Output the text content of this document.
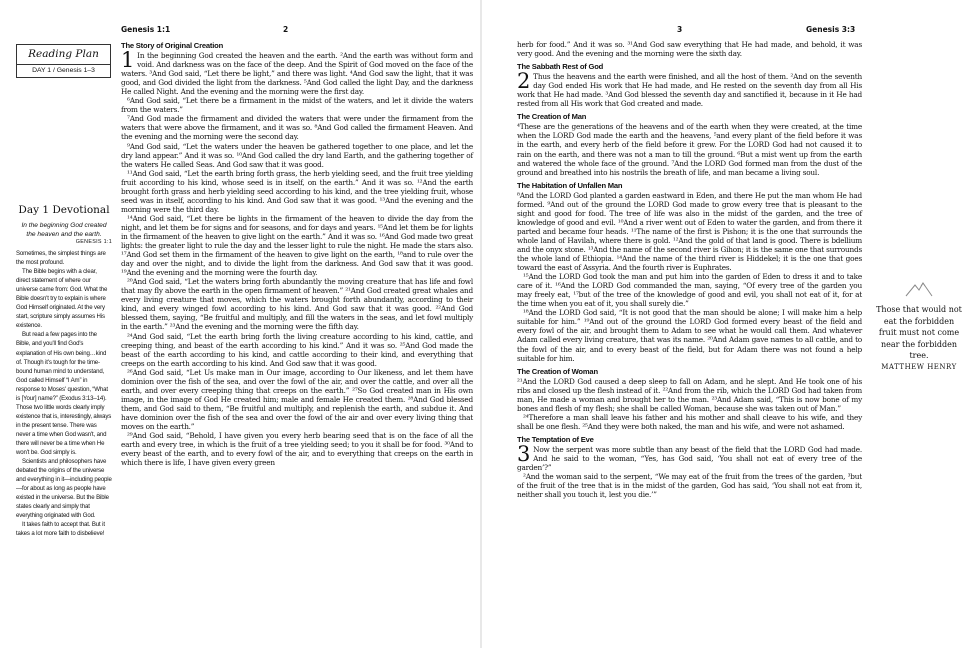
Genesis 1:1	2
Reading Plan
DAY 1 / Genesis 1–3
Day 1 Devotional
In the beginning God created the heaven and the earth.
GENESIS 1:1

Sometimes, the simplest things are the most profound.

The Bible begins with a clear, direct statement of where our universe came from: God. What the Bible doesn't try to explain is where God Himself originated. At the very start, scripture simply assumes His existence.

But read a few pages into the Bible, and you'll find God's explanation of His own being…kind of. Though it's tough for the time-bound human mind to understand, God called Himself “I Am” in response to Moses' question, “What is [Your] name?” (Exodus 3:13–14). Those two little words clearly imply existence that is, interestingly, always in the present tense. There was never a time when God wasn't, and there will never be a time when He won't be. God simply is.

Scientists and philosophers have debated the origins of the universe and everything in it—including people—for about as long as people have existed in the universe. But the Bible states clearly and simply that everything originated with God.

It takes faith to accept that. But it takes a lot more faith to disbelieve!

The Story of Original Creation

1 In the beginning God created the heaven and the earth. ²And the earth was without form and void. And darkness was on the face of the deep. And the Spirit of God moved on the face of the waters. ³And God said, “Let there be light,” and there was light. ⁴And God saw the light, that it was good, and God divided the light from the darkness. ⁵And God called the light Day, and the darkness He called Night. And the evening and the morning were the first day.

⁶And God said, “Let there be a firmament in the midst of the waters, and let it divide the waters from the waters.”

⁷And God made the firmament and divided the waters that were under the firmament from the waters that were above the firmament, and it was so. ⁸And God called the firmament Heaven. And the evening and the morning were the second day.

⁹And God said, “Let the waters under the heaven be gathered together to one place, and let the dry land appear.” And it was so. ¹⁰And God called the dry land Earth, and the gathering together of the waters He called Seas. And God saw that it was good.

¹¹And God said, “Let the earth bring forth grass, the herb yielding seed, and the fruit tree yielding fruit according to his kind, whose seed is in itself, on the earth.” And it was so. ¹²And the earth brought forth grass and herb yielding seed according to his kind, and the tree yielding fruit, whose seed was in itself, according to his kind. And God saw that it was good. ¹³And the evening and the morning were the third day.

¹⁴And God said, “Let there be lights in the firmament of the heaven to divide the day from the night, and let them be for signs and for seasons, and for days and years. ¹⁵And let them be for lights in the firmament of the heaven to give light on the earth.” And it was so. ¹⁶And God made two great lights: the greater light to rule the day and the lesser light to rule the night. He made the stars also. ¹⁷And God set them in the firmament of the heaven to give light on the earth, ¹⁸and to rule over the day and over the night, and to divide the light from the darkness. And God saw that it was good. ¹⁹And the evening and the morning were the fourth day.

²⁰And God said, “Let the waters bring forth abundantly the moving creature that has life and fowl that may fly above the earth in the open firmament of heaven.” ²¹And God created great whales and every living creature that moves, which the waters brought forth abundantly, according to their kind, and every winged fowl according to his kind. And God saw that it was good. ²²And God blessed them, saying, “Be fruitful and multiply, and fill the waters in the seas, and let fowl multiply in the earth.” ²³And the evening and the morning were the fifth day.

²⁴And God said, “Let the earth bring forth the living creature according to his kind, cattle, and creeping thing, and beast of the earth according to his kind.” And it was so. ²⁵And God made the beast of the earth according to his kind, and cattle according to their kind, and everything that creeps on the earth according to his kind. And God saw that it was good.

²⁶And God said, “Let Us make man in Our image, according to Our likeness, and let them have dominion over the fish of the sea, and over the fowl of the air, and over the cattle, and over all the earth, and over every creeping thing that creeps on the earth.” ²⁷So God created man in His own image, in the image of God He created him; male and female He created them. ²⁸And God blessed them, and God said to them, “Be fruitful and multiply, and replenish the earth, and subdue it. And have dominion over the fish of the sea and over the fowl of the air and over every living thing that moves on the earth.”

²⁹And God said, “Behold, I have given you every herb bearing seed that is on the face of all the earth and every tree, in which is the fruit of a tree yielding seed; to you it shall be for food. ³⁰And to every beast of the earth, and to every fowl of the air, and to everything that creeps on the earth in which there is life, I have given every green

3	Genesis 3:3

herb for food.” And it was so. ³¹And God saw everything that He had made, and behold, it was very good. And the evening and the morning were the sixth day.

The Sabbath Rest of God

2 Thus the heavens and the earth were finished, and all the host of them. ²And on the seventh day God ended His work that He had made, and He rested on the seventh day from all His work that He had made. ³And God blessed the seventh day and sanctified it, because in it He had rested from all His work that God created and made.

The Creation of Man

⁴These are the generations of the heavens and of the earth when they were created, at the time when the LORD God made the earth and the heavens, ⁵and every plant of the field before it was in the earth, and every herb of the field before it grew. For the LORD God had not caused it to rain on the earth, and there was not a man to till the ground. ⁶But a mist went up from the earth and watered the whole face of the ground. ⁷And the LORD God formed man from the dust of the ground and breathed into his nostrils the breath of life, and man became a living soul.

The Habitation of Unfallen Man

⁸And the LORD God planted a garden eastward in Eden, and there He put the man whom He had formed. ⁹And out of the ground the LORD God made to grow every tree that is pleasant to the sight and good for food. The tree of life was also in the midst of the garden, and the tree of knowledge of good and evil. ¹⁰And a river went out of Eden to water the garden, and from there it parted and became four heads. ¹¹The name of the first is Pishon; it is the one that surrounds the whole land of Havilah, where there is gold. ¹²And the gold of that land is good. There is bdellium and the onyx stone. ¹³And the name of the second river is Gihon; it is the same one that surrounds the whole land of Ethiopia. ¹⁴And the name of the third river is Hiddekel; it is the one that goes toward the east of Assyria. And the fourth river is Euphrates.

¹⁵And the LORD God took the man and put him into the garden of Eden to dress it and to take care of it. ¹⁶And the LORD God commanded the man, saying, “Of every tree of the garden you may freely eat, ¹⁷but of the tree of the knowledge of good and evil, you shall not eat of it, for at the time when you eat of it, you shall surely die.”

¹⁸And the LORD God said, “It is not good that the man should be alone; I will make him a help suitable for him.” ¹⁹And out of the ground the LORD God formed every beast of the field and every fowl of the air, and brought them to Adam to see what he would call them. And whatever Adam called every living creature, that was its name. ²⁰And Adam gave names to all cattle, and to the fowl of the air, and to every beast of the field, but for Adam there was not found a help suitable for him.

The Creation of Woman

²¹And the LORD God caused a deep sleep to fall on Adam, and he slept. And He took one of his ribs and closed up the flesh instead of it. ²²And from the rib, which the LORD God had taken from man, He made a woman and brought her to the man. ²³And Adam said, “This is now bone of my bones and flesh of my flesh; she shall be called Woman, because she was taken out of Man.”

²⁴Therefore a man shall leave his father and his mother and shall cleave to his wife, and they shall be one flesh. ²⁵And they were both naked, the man and his wife, and were not ashamed.

The Temptation of Eve

3 Now the serpent was more subtle than any beast of the field that the LORD God had made. And he said to the woman, “Yes, has God said, ‘You shall not eat of every tree of the garden’?”

²And the woman said to the serpent, “We may eat of the fruit from the trees of the garden, ³but of the fruit of the tree that is in the midst of the garden, God has said, ‘You shall not eat from it, neither shall you touch it, lest you die.’”

Those that would not eat the forbidden fruit must not come near the forbidden tree.
MATTHEW HENRY
